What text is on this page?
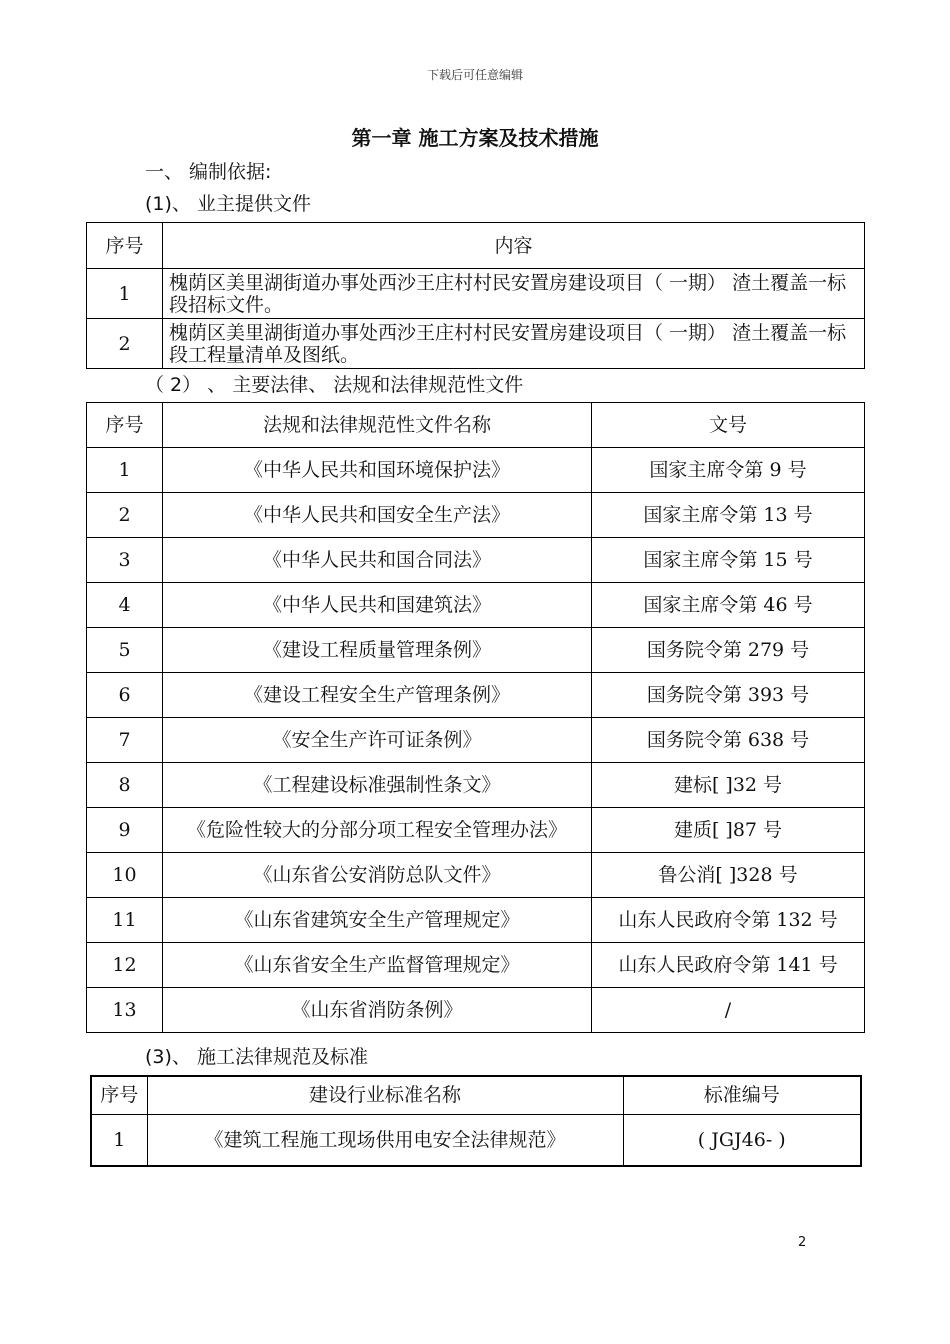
下载后可任意编辑
第一章 施工方案及技术措施
一、 编制依据:
(1)、 业主提供文件
序号	内容
1	槐荫区美里湖街道办事处西沙王庄村村民安置房建设项目（ 一期） 渣土覆盖一标段招标文件。
2	槐荫区美里湖街道办事处西沙王庄村村民安置房建设项目（ 一期） 渣土覆盖一标段工程量清单及图纸。
（ 2） 、 主要法律、 法规和法律规范性文件
序号	法规和法律规范性文件名称	文号
1	《中华人民共和国环境保护法》	国家主席令第 9 号
2	《中华人民共和国安全生产法》	国家主席令第 13 号
3	《中华人民共和国合同法》	国家主席令第 15 号
4	《中华人民共和国建筑法》	国家主席令第 46 号
5	《建设工程质量管理条例》	国务院令第 279 号
6	《建设工程安全生产管理条例》	国务院令第 393 号
7	《安全生产许可证条例》	国务院令第 638 号
8	《工程建设标准强制性条文》	建标[ ]32 号
9	《危险性较大的分部分项工程安全管理办法》	建质[ ]87 号
10	《山东省公安消防总队文件》	鲁公消[ ]328 号
11	《山东省建筑安全生产管理规定》	山东人民政府令第 132 号
12	《山东省安全生产监督管理规定》	山东人民政府令第 141 号
13	《山东省消防条例》	/
(3)、 施工法律规范及标准
序号	建设行业标准名称	标准编号
1	《建筑工程施工现场供用电安全法律规范》	( JGJ46- )
2
